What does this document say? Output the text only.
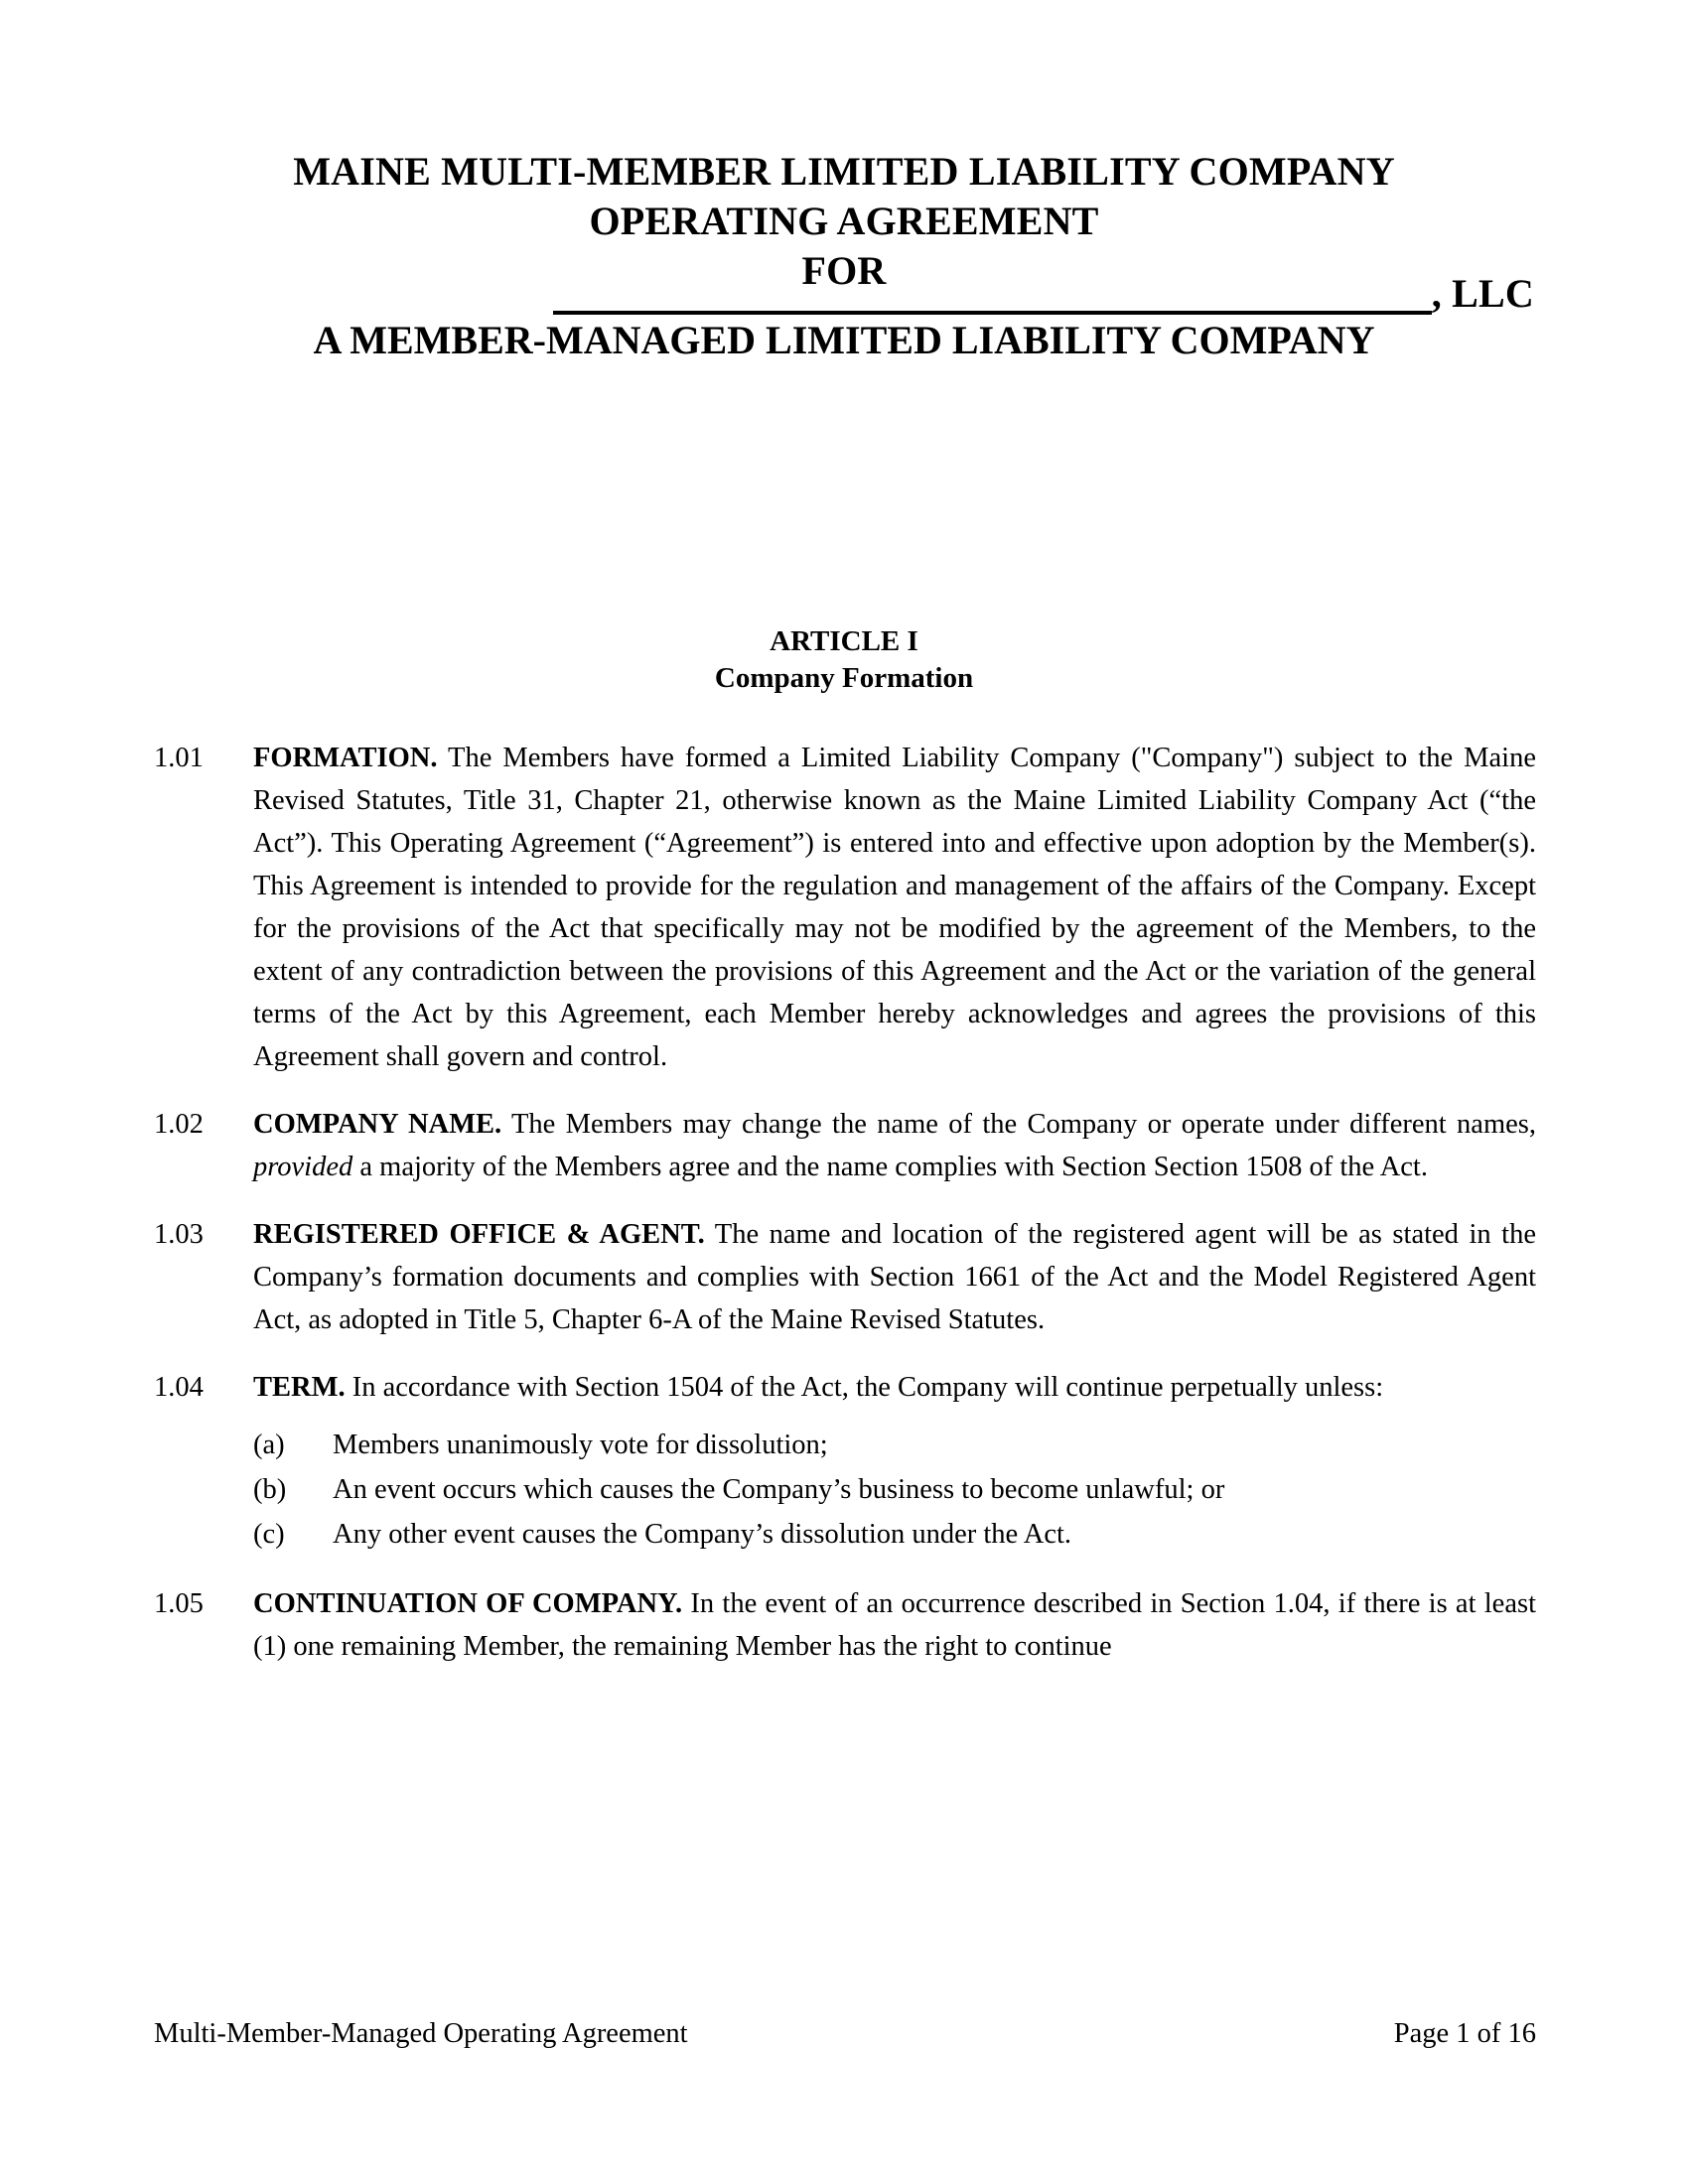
MAINE MULTI-MEMBER LIMITED LIABILITY COMPANY
OPERATING AGREEMENT
FOR
, LLC
A MEMBER-MANAGED LIMITED LIABILITY COMPANY
ARTICLE I
Company Formation
1.01	FORMATION. The Members have formed a Limited Liability Company ("Company") subject to the Maine Revised Statutes, Title 31, Chapter 21, otherwise known as the Maine Limited Liability Company Act (“the Act”). This Operating Agreement (“Agreement”) is entered into and effective upon adoption by the Member(s). This Agreement is intended to provide for the regulation and management of the affairs of the Company. Except for the provisions of the Act that specifically may not be modified by the agreement of the Members, to the extent of any contradiction between the provisions of this Agreement and the Act or the variation of the general terms of the Act by this Agreement, each Member hereby acknowledges and agrees the provisions of this Agreement shall govern and control.
1.02	COMPANY NAME. The Members may change the name of the Company or operate under different names, provided a majority of the Members agree and the name complies with Section Section 1508 of the Act.
1.03	REGISTERED OFFICE & AGENT. The name and location of the registered agent will be as stated in the Company’s formation documents and complies with Section 1661 of the Act and the Model Registered Agent Act, as adopted in Title 5, Chapter 6-A of the Maine Revised Statutes.
1.04	TERM. In accordance with Section 1504 of the Act, the Company will continue perpetually unless:
(a)	Members unanimously vote for dissolution;
(b)	An event occurs which causes the Company’s business to become unlawful; or
(c)	Any other event causes the Company’s dissolution under the Act.
1.05	CONTINUATION OF COMPANY. In the event of an occurrence described in Section 1.04, if there is at least (1) one remaining Member, the remaining Member has the right to continue
Multi-Member-Managed Operating Agreement	Page 1 of 16
